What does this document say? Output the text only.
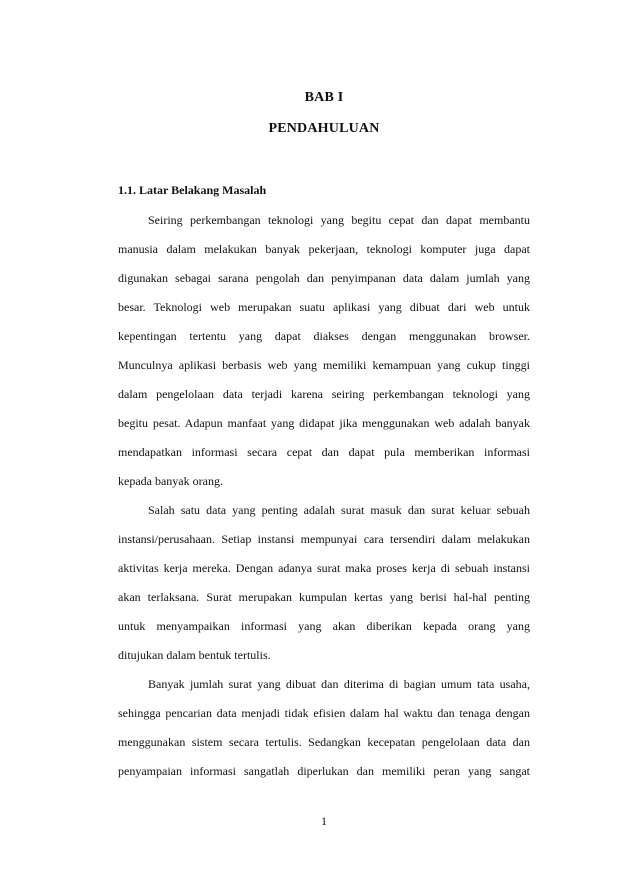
BAB I
PENDAHULUAN
1.1. Latar Belakang Masalah
Seiring perkembangan teknologi yang begitu cepat dan dapat membantu
manusia dalam melakukan banyak pekerjaan, teknologi komputer juga dapat
digunakan sebagai sarana pengolah dan penyimpanan data dalam jumlah yang
besar. Teknologi web merupakan suatu aplikasi yang dibuat dari web untuk
kepentingan tertentu yang dapat diakses dengan menggunakan browser.
Munculnya aplikasi berbasis web yang memiliki kemampuan yang cukup tinggi
dalam pengelolaan data terjadi karena seiring perkembangan teknologi yang
begitu pesat. Adapun manfaat yang didapat jika menggunakan web adalah banyak
mendapatkan informasi secara cepat dan dapat pula memberikan informasi
kepada banyak orang.
Salah satu data yang penting adalah surat masuk dan surat keluar sebuah
instansi/perusahaan. Setiap instansi mempunyai cara tersendiri dalam melakukan
aktivitas kerja mereka. Dengan adanya surat maka proses kerja di sebuah instansi
akan terlaksana. Surat merupakan kumpulan kertas yang berisi hal-hal penting
untuk menyampaikan informasi yang akan diberikan kepada orang yang
ditujukan dalam bentuk tertulis.
Banyak jumlah surat yang dibuat dan diterima di bagian umum tata usaha,
sehingga pencarian data menjadi tidak efisien dalam hal waktu dan tenaga dengan
menggunakan sistem secara tertulis. Sedangkan kecepatan pengelolaan data dan
penyampaian informasi sangatlah diperlukan dan memiliki peran yang sangat
1
